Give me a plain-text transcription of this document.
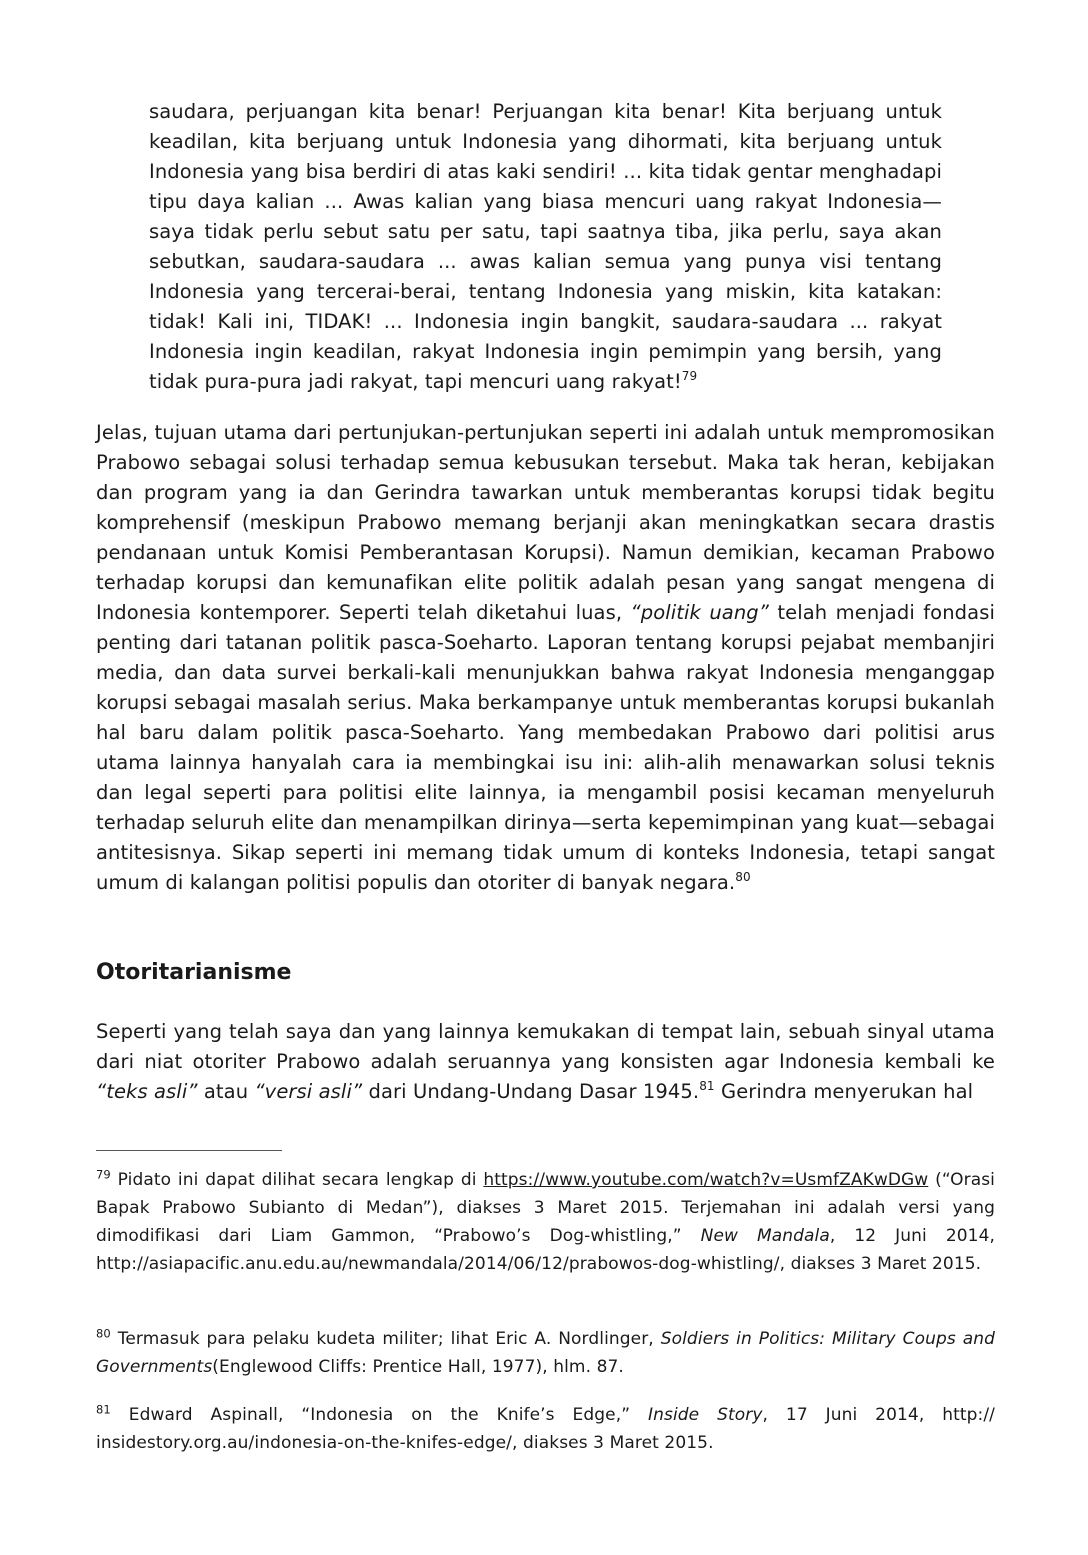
saudara, perjuangan kita benar! Perjuangan kita benar! Kita berjuang untuk keadilan, kita berjuang untuk Indonesia yang dihormati, kita berjuang untuk Indonesia yang bisa berdiri di atas kaki sendiri! ... kita tidak gentar menghadapi tipu daya kalian ... Awas kalian yang biasa mencuri uang rakyat Indonesia—saya tidak perlu sebut satu per satu, tapi saatnya tiba, jika perlu, saya akan sebutkan, saudara-saudara ... awas kalian semua yang punya visi tentang Indonesia yang tercerai-berai, tentang Indonesia yang miskin, kita katakan: tidak! Kali ini, TIDAK! ... Indonesia ingin bangkit, saudara-saudara ... rakyat Indonesia ingin keadilan, rakyat Indonesia ingin pemimpin yang bersih, yang tidak pura-pura jadi rakyat, tapi mencuri uang rakyat!$^{79}$
Jelas, tujuan utama dari pertunjukan-pertunjukan seperti ini adalah untuk mempromosikan Prabowo sebagai solusi terhadap semua kebusukan tersebut. Maka tak heran, kebijakan dan program yang ia dan Gerindra tawarkan untuk memberantas korupsi tidak begitu komprehensif (meskipun Prabowo memang berjanji akan meningkatkan secara drastis pendanaan untuk Komisi Pemberantasan Korupsi). Namun demikian, kecaman Prabowo terhadap korupsi dan kemunafikan elite politik adalah pesan yang sangat mengena di Indonesia kontemporer. Seperti telah diketahui luas, “politik uang” telah menjadi fondasi penting dari tatanan politik pasca-Soeharto. Laporan tentang korupsi pejabat membanjiri media, dan data survei berkali-kali menunjukkan bahwa rakyat Indonesia menganggap korupsi sebagai masalah serius. Maka berkampanye untuk memberantas korupsi bukanlah hal baru dalam politik pasca-Soeharto. Yang membedakan Prabowo dari politisi arus utama lainnya hanyalah cara ia membingkai isu ini: alih-alih menawarkan solusi teknis dan legal seperti para politisi elite lainnya, ia mengambil posisi kecaman menyeluruh terhadap seluruh elite dan menampilkan dirinya—serta kepemimpinan yang kuat—sebagai antitesisnya. Sikap seperti ini memang tidak umum di konteks Indonesia, tetapi sangat umum di kalangan politisi populis dan otoriter di banyak negara.$^{80}$
Otoritarianisme
Seperti yang telah saya dan yang lainnya kemukakan di tempat lain, sebuah sinyal utama dari niat otoriter Prabowo adalah seruannya yang konsisten agar Indonesia kembali ke “teks asli” atau “versi asli” dari Undang-Undang Dasar 1945.81 Gerindra menyerukan hal
$^{79}$ Pidato ini dapat dilihat secara lengkap di https://www.youtube.com/watch?v=UsmfZAKwDGw (“Orasi Bapak Prabowo Subianto di Medan”), diakses 3 Maret 2015. Terjemahan ini adalah versi yang dimodifikasi dari Liam Gammon, “Prabowo’s Dog-whistling,” New Mandala, 12 Juni 2014, http://asiapacific.anu.edu.au/newmandala/2014/06/12/prabowos-dog-whistling/, diakses 3 Maret 2015.
$^{80}$ Termasuk para pelaku kudeta militer; lihat Eric A. Nordlinger, Soldiers in Politics: Military Coups and Governments(Englewood Cliffs: Prentice Hall, 1977), hlm. 87.
$^{81}$ Edward Aspinall, “Indonesia on the Knife’s Edge,” Inside Story, 17 Juni 2014, http:// insidestory.org.au/indonesia-on-the-knifes-edge/, diakses 3 Maret 2015.
